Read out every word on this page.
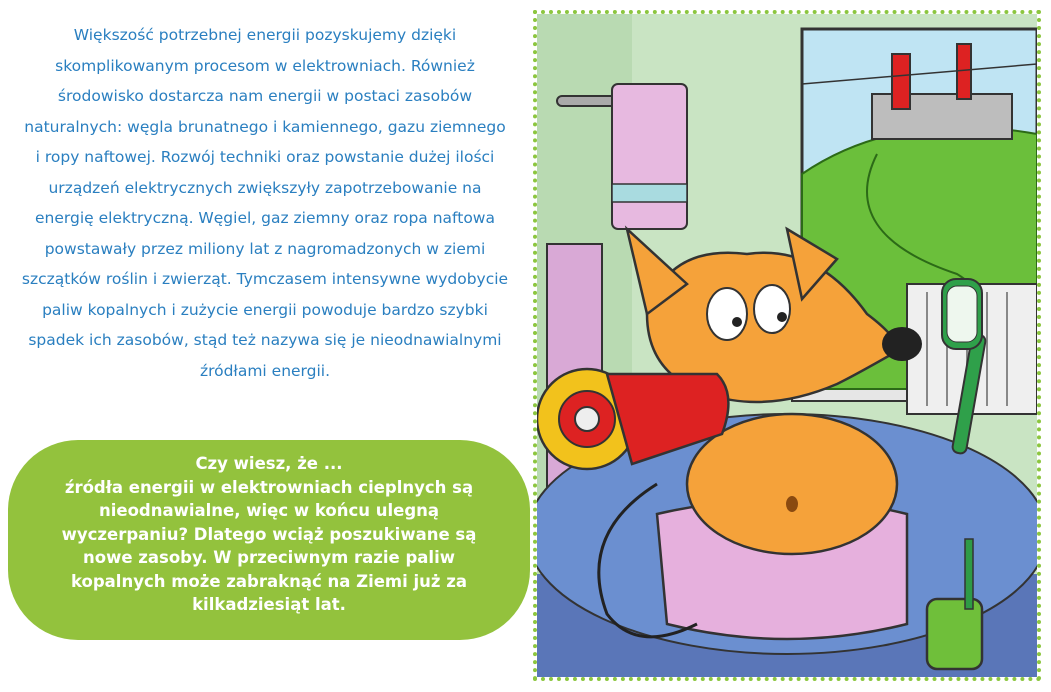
Większość potrzebnej energii pozyskujemy dzięki skomplikowanym procesom w elektrowniach. Również środowisko dostarcza nam energii w postaci zasobów naturalnych: węgla brunatnego i kamiennego, gazu ziemnego i ropy naftowej. Rozwój techniki oraz powstanie dużej ilości urządzeń elektrycznych zwiększyły zapotrzebowanie na energię elektryczną. Węgiel, gaz ziemny oraz ropa naftowa powstawały przez miliony lat z nagromadzonych w ziemi szczątków roślin i zwierząt. Tymczasem intensywne wydobycie paliw kopalnych i zużycie energii powoduje bardzo szybki spadek ich zasobów, stąd też nazywa się je nieodnawialnymi źródłami energii.

Czy wiesz, że ...
źródła energii w elektrowniach cieplnych są nieodnawialne, więc w końcu ulegną wyczerpaniu? Dlatego wciąż poszukiwane są nowe zasoby. W przeciwnym razie paliw kopalnych może zabraknąć na Ziemi już za kilkadziesiąt lat.
